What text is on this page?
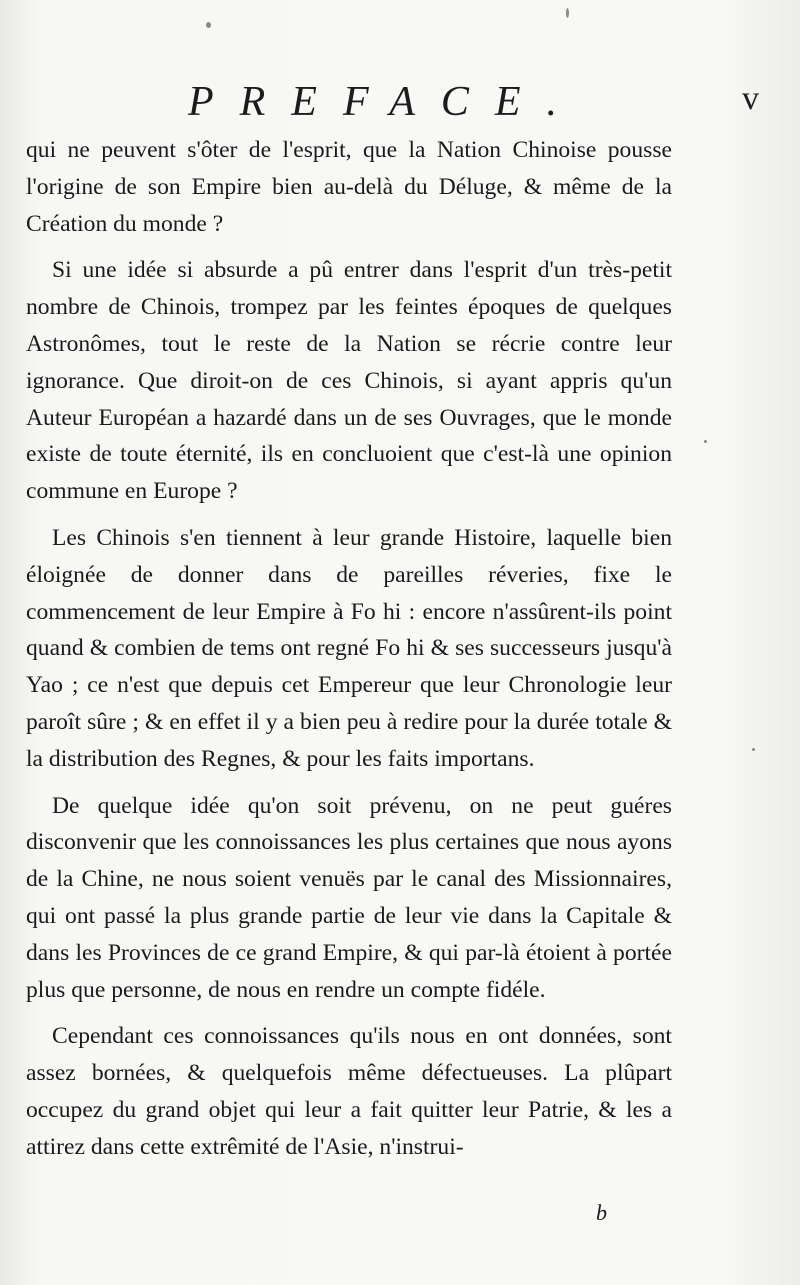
PREFACE.	v

qui ne peuvent s'ôter de l'esprit, que la Nation Chinoise pousse l'origine de son Empire bien au-delà du Déluge, & même de la Création du monde ?

Si une idée si absurde a pû entrer dans l'esprit d'un très-petit nombre de Chinois, trompez par les feintes époques de quelques Astronômes, tout le reste de la Nation se récrie contre leur ignorance. Que diroit-on de ces Chinois, si ayant appris qu'un Auteur Européan a hazardé dans un de ses Ouvrages, que le monde existe de toute éternité, ils en concluoient que c'est-là une opinion commune en Europe ?

Les Chinois s'en tiennent à leur grande Histoire, laquelle bien éloignée de donner dans de pareilles réveries, fixe le commencement de leur Empire à Fo hi : encore n'assûrent-ils point quand & combien de tems ont regné Fo hi & ses successeurs jusqu'à Yao ; ce n'est que depuis cet Empereur que leur Chronologie leur paroît sûre ; & en effet il y a bien peu à redire pour la durée totale & la distribution des Regnes, & pour les faits importans.

De quelque idée qu'on soit prévenu, on ne peut guéres disconvenir que les connoissances les plus certaines que nous ayons de la Chine, ne nous soient venuës par le canal des Missionnaires, qui ont passé la plus grande partie de leur vie dans la Capitale & dans les Provinces de ce grand Empire, & qui par-là étoient à portée plus que personne, de nous en rendre un compte fidéle.

Cependant ces connoissances qu'ils nous en ont données, sont assez bornées, & quelquefois même défectueuses. La plûpart occupez du grand objet qui leur a fait quitter leur Patrie, & les a attirez dans cette extrêmité de l'Asie, n'instrui-

b
